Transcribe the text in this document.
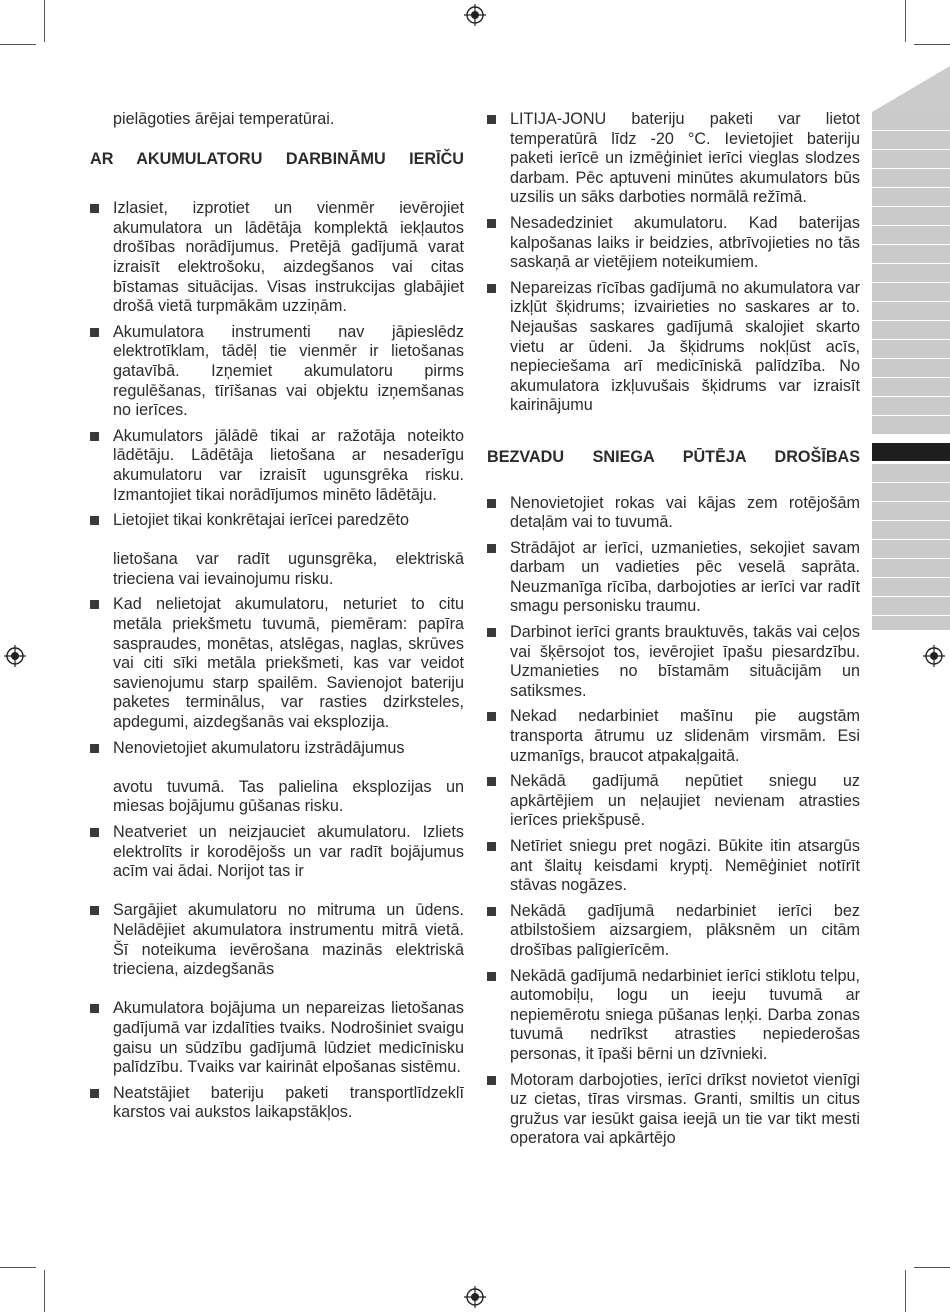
pielāgoties ārējai temperatūrai.

AR AKUMULATORU DARBINĀMU IERĪČU
Izlasiet, izprotiet un vienmēr ievērojiet akumulatora un lādētāja komplektā iekļautos drošības norādījumus. Pretējā gadījumā varat izraisīt elektrošoku, aizdegšanos vai citas bīstamas situācijas. Visas instrukcijas glabājiet drošā vietā turpmākām uzziņām.
Akumulatora instrumenti nav jāpieslēdz elektrotīklam, tādēļ tie vienmēr ir lietošanas gatavībā. Izņemiet akumulatoru pirms regulēšanas, tīrīšanas vai objektu izņemšanas no ierīces.
Akumulators jālādē tikai ar ražotāja noteikto lādētāju. Lādētāja lietošana ar nesaderīgu akumulatoru var izraisīt ugunsgrēka risku. Izmantojiet tikai norādījumos minēto lādētāju.
Lietojiet tikai konkrētajai ierīcei paredzēto

lietošana var radīt ugunsgrēka, elektriskā trieciena vai ievainojumu risku.

Kad nelietojat akumulatoru, neturiet to citu metāla priekšmetu tuvumā, piemēram: papīra saspraudes, monētas, atslēgas, naglas, skrūves vai citi sīki metāla priekšmeti, kas var veidot savienojumu starp spailēm. Savienojot bateriju paketes terminālus, var rasties dzirksteles, apdegumi, aizdegšanās vai eksplozija.
Nenovietojiet akumulatoru izstrādājumus

avotu tuvumā. Tas palielina eksplozijas un miesas bojājumu gūšanas risku.

Neatveriet un neizjauciet akumulatoru. Izliets elektrolīts ir korodējošs un var radīt bojājumus acīm vai ādai. Norijot tas ir
Sargājiet akumulatoru no mitruma un ūdens. Nelādējiet akumulatora instrumentu mitrā vietā. Šī noteikuma ievērošana mazinās elektriskā trieciena, aizdegšanās
Akumulatora bojājuma un nepareizas lietošanas gadījumā var izdalīties tvaiks. Nodrošiniet svaigu gaisu un sūdzību gadījumā lūdziet medicīnisku palīdzību. Tvaiks var kairināt elpošanas sistēmu.
Neatstājiet bateriju paketi transportlīdzeklī karstos vai aukstos laikapstākļos.
LITIJA-JONU bateriju paketi var lietot temperatūrā līdz -20 °C. Ievietojiet bateriju paketi ierīcē un izmēģiniet ierīci vieglas slodzes darbam. Pēc aptuveni minūtes akumulators būs uzsilis un sāks darboties normālā režīmā.
Nesadedziniet akumulatoru. Kad baterijas kalpošanas laiks ir beidzies, atbrīvojieties no tās saskaņā ar vietējiem noteikumiem.
Nepareizas rīcības gadījumā no akumulatora var izkļūt šķidrums; izvairieties no saskares ar to. Nejaušas saskares gadījumā skalojiet skarto vietu ar ūdeni. Ja šķidrums nokļūst acīs, nepieciešama arī medicīniskā palīdzība. No akumulatora izkļuvušais šķidrums var izraisīt kairinājumu
BEZVADU SNIEGA PŪTĒJA DROŠĪBAS
Nenovietojiet rokas vai kājas zem rotējošām detaļām vai to tuvumā.
Strādājot ar ierīci, uzmanieties, sekojiet savam darbam un vadieties pēc veselā saprāta. Neuzmanīga rīcība, darbojoties ar ierīci var radīt smagu personisku traumu.
Darbinot ierīci grants brauktuvēs, takās vai ceļos vai šķērsojot tos, ievērojiet īpašu piesardzību. Uzmanieties no bīstamām situācijām un satiksmes.
Nekad nedarbiniet mašīnu pie augstām transporta ātrumu uz slidenām virsmām. Esi uzmanīgs, braucot atpakaļgaitā.
Nekādā gadījumā nepūtiet sniegu uz apkārtējiem un neļaujiet nevienam atrasties ierīces priekšpusē.
Netīriet sniegu pret nogāzi. Būkite itin atsargūs ant šlaitų keisdami kryptį. Nemēģiniet notīrīt stāvas nogāzes.
Nekādā gadījumā nedarbiniet ierīci bez atbilstošiem aizsargiem, plāksnēm un citām drošības palīgierīcēm.
Nekādā gadījumā nedarbiniet ierīci stiklotu telpu, automobiļu, logu un ieeju tuvumā ar nepiemērotu sniega pūšanas leņķi. Darba zonas tuvumā nedrīkst atrasties nepiederošas personas, it īpaši bērni un dzīvnieki.
Motoram darbojoties, ierīci drīkst novietot vienīgi uz cietas, tīras virsmas. Granti, smiltis un citus gružus var iesūkt gaisa ieejā un tie var tikt mesti operatora vai apkārtējo
